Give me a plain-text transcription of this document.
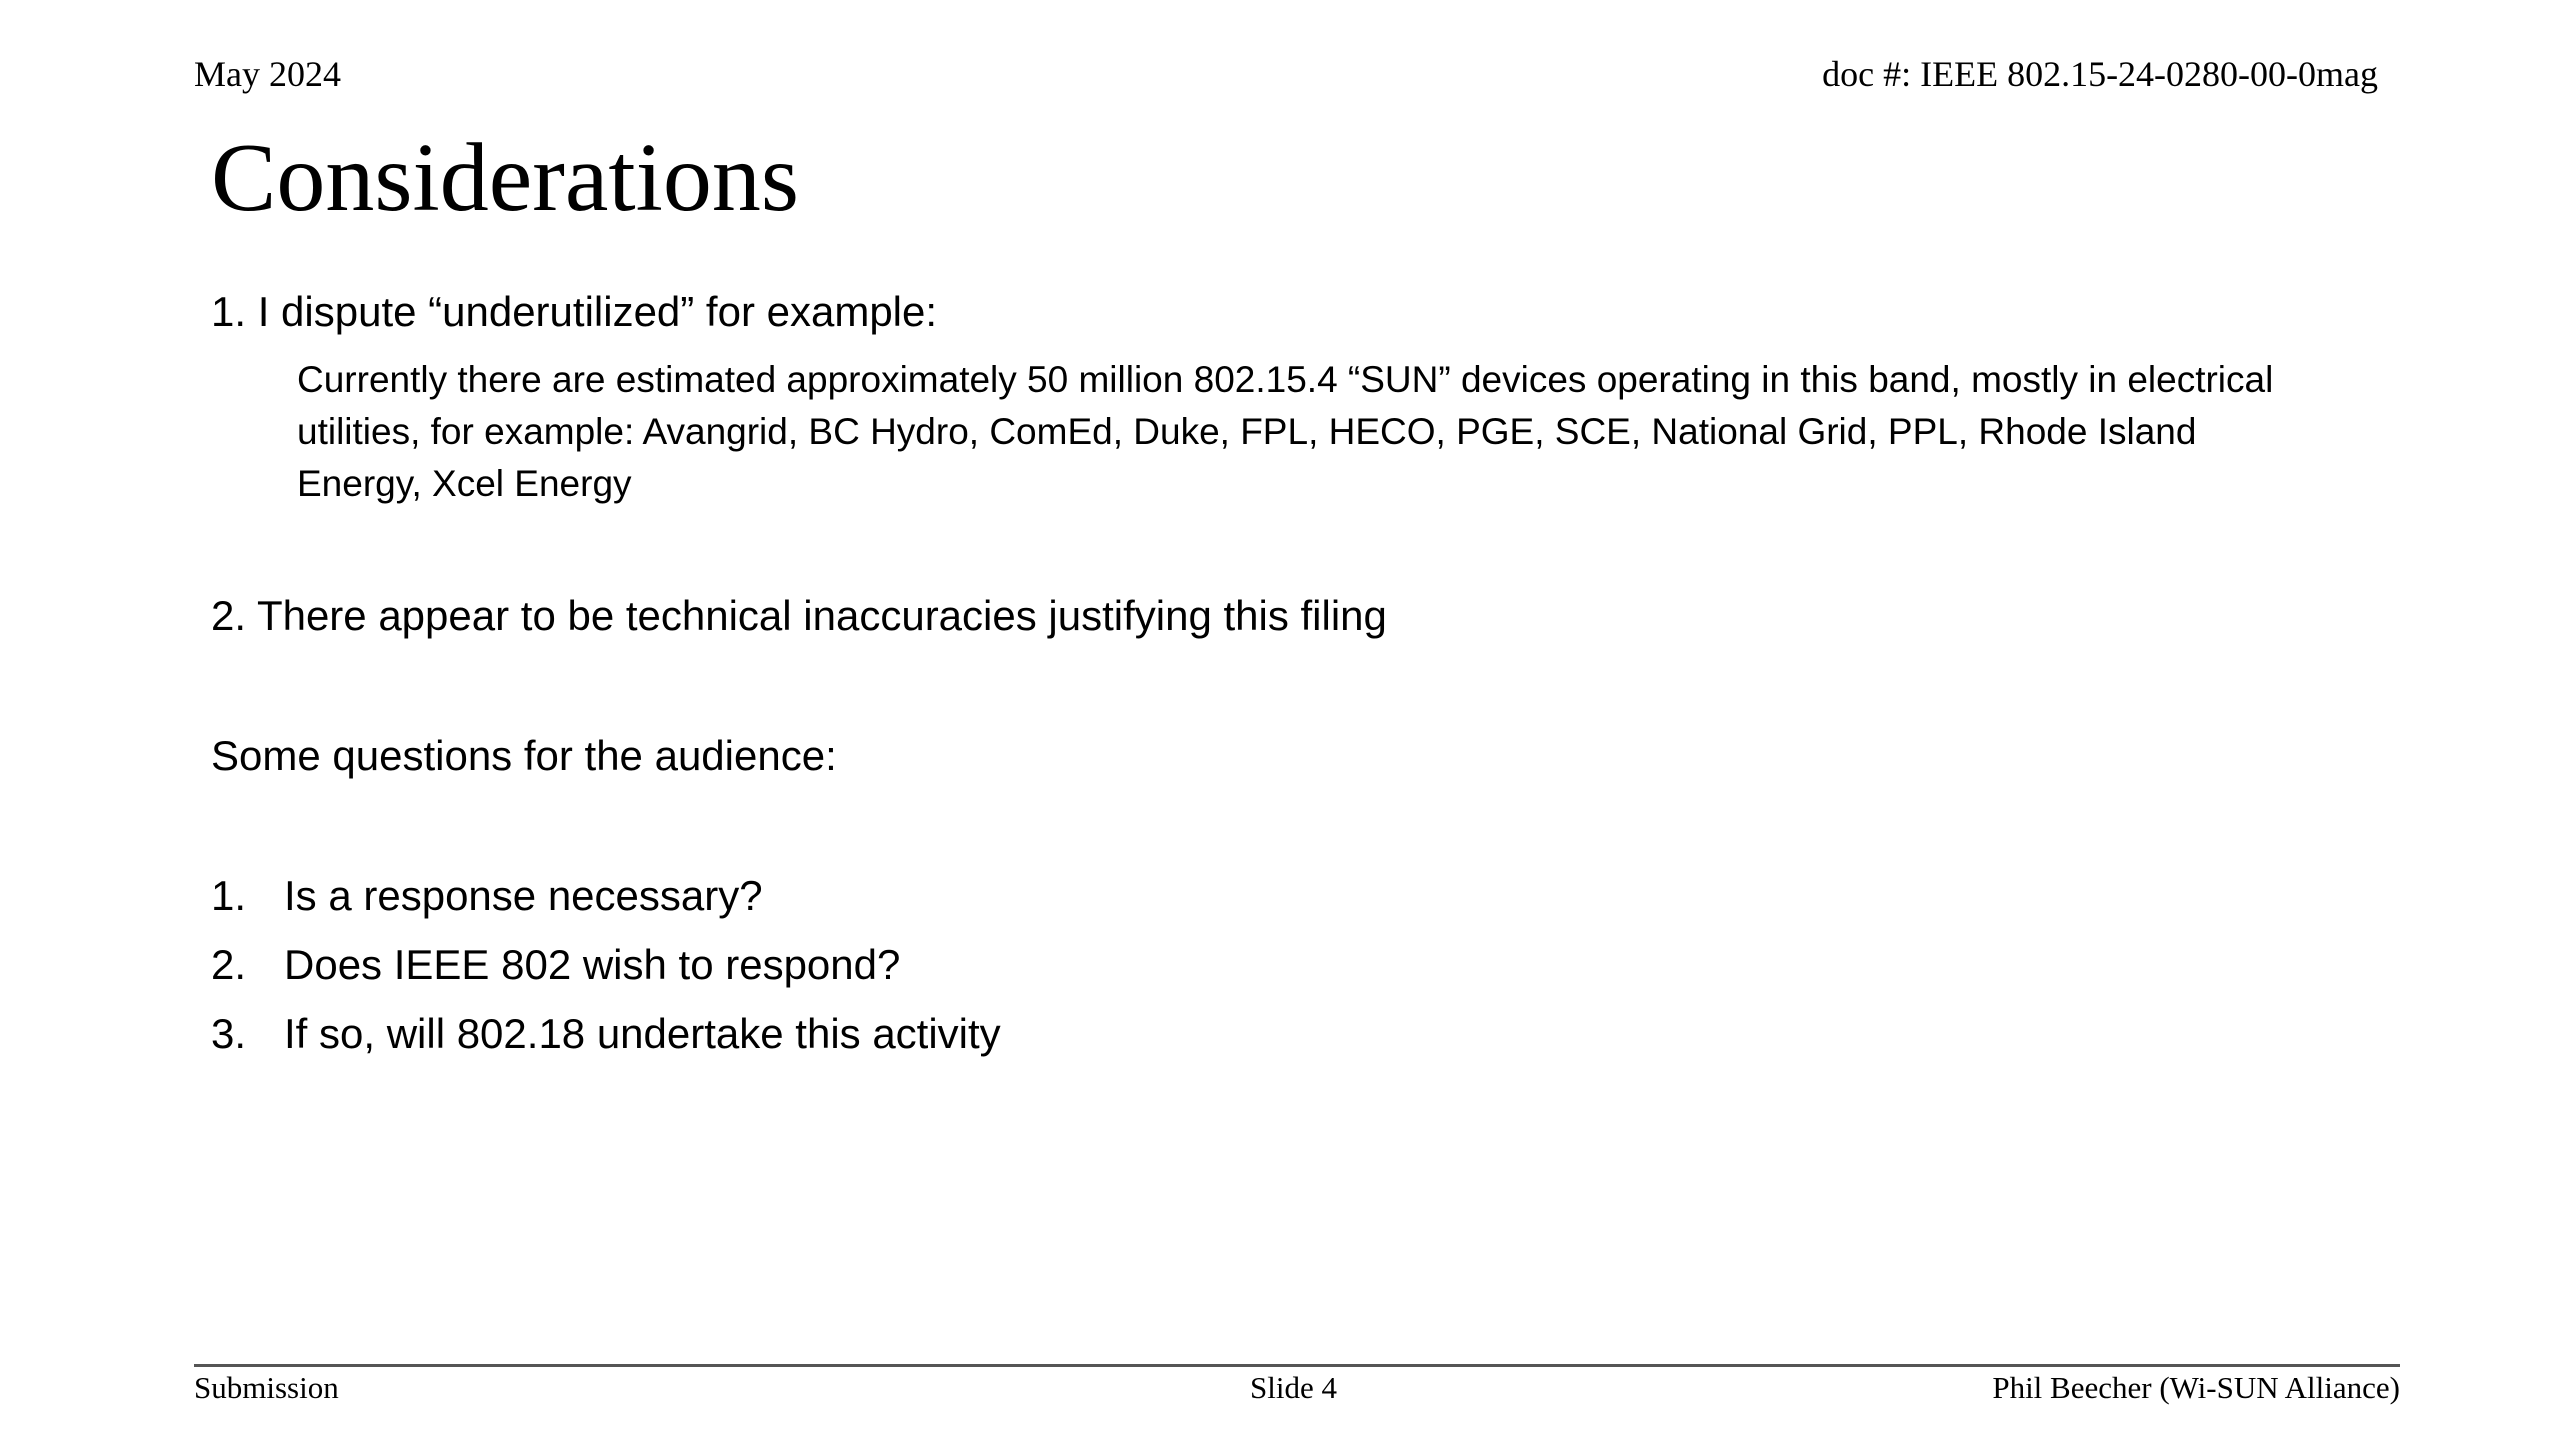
May 2024	doc #: IEEE 802.15-24-0280-00-0mag
Considerations
1. I dispute “underutilized” for example:
Currently there are estimated approximately 50 million 802.15.4 “SUN” devices operating in this band, mostly in electrical utilities, for example: Avangrid, BC Hydro, ComEd, Duke, FPL, HECO, PGE, SCE, National Grid, PPL, Rhode Island Energy, Xcel Energy
2. There appear to be technical inaccuracies justifying this filing
Some questions for the audience:
1. Is a response necessary?
2. Does IEEE 802 wish to respond?
3. If so, will 802.18 undertake this activity
Submission	Slide 4	Phil Beecher (Wi-SUN Alliance)
